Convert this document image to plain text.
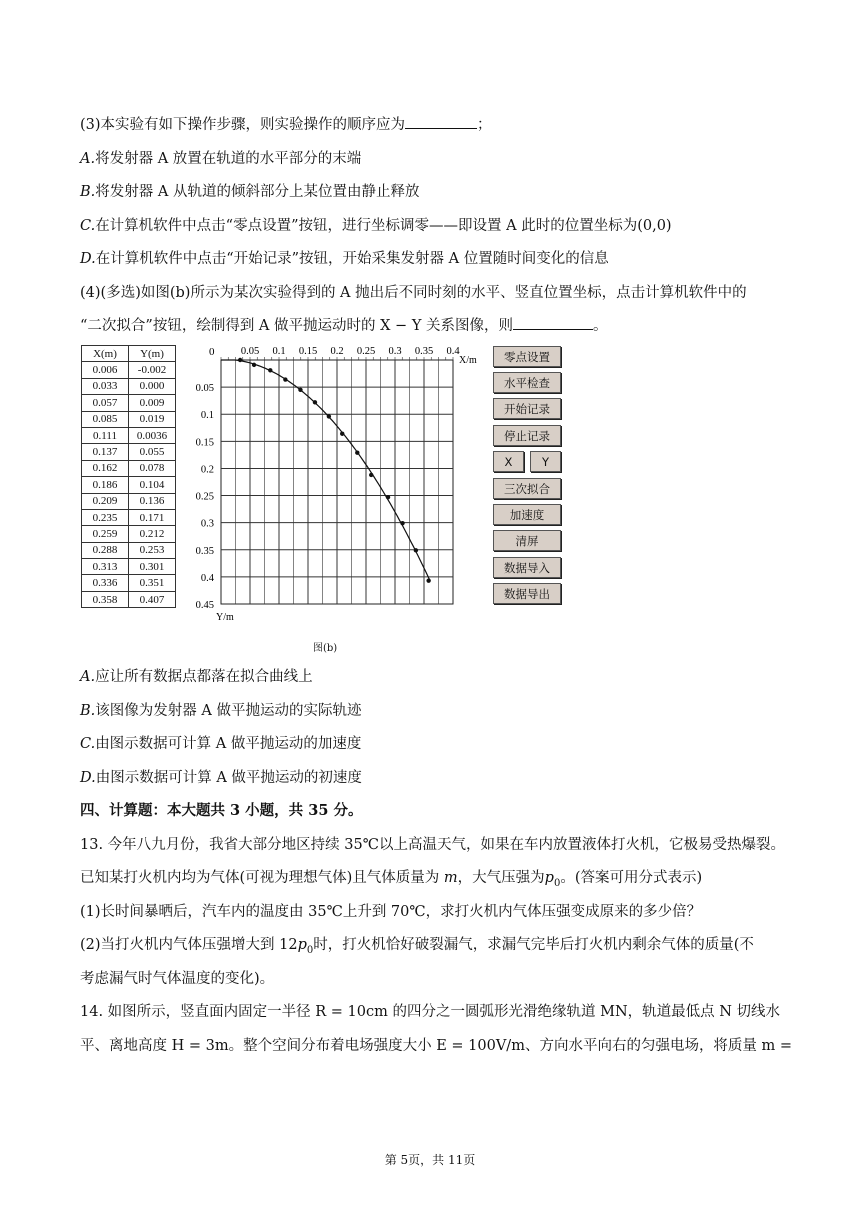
(3)本实验有如下操作步骤，则实验操作的顺序应为	；
A.将发射器 A 放置在轨道的水平部分的末端
B.将发射器 A 从轨道的倾斜部分上某位置由静止释放
C.在计算机软件中点击“零点设置”按钮，进行坐标调零——即设置 A 此时的位置坐标为(0,0)
D.在计算机软件中点击“开始记录”按钮，开始采集发射器 A 位置随时间变化的信息
(4)(多选)如图(b)所示为某次实验得到的 A 抛出后不同时刻的水平、竖直位置坐标，点击计算机软件中的
“二次拟合”按钮，绘制得到 A 做平抛运动时的 X − Y 关系图像，则	。
X(m)	Y(m)
0.006	-0.002
0.033	0.000
0.057	0.009
0.085	0.019
0.111	0.0036
0.137	0.055
0.162	0.078
0.186	0.104
0.209	0.136
0.235	0.171
0.259	0.212
0.288	0.253
0.313	0.301
0.336	0.351
0.358	0.407
0.05 0.1 0.15 0.2 0.25 0.3 0.35 0.4
0.05
0.1
0.15
0.2
0.25
0.3
0.35
0.4
0.45
X/m
Y/m
0	零点设置
水平检查
开始记录
停止记录
X	Y
三次拟合
加速度
清屏
数据导入
数据导出
图(b)
A.应让所有数据点都落在拟合曲线上
B.该图像为发射器 A 做平抛运动的实际轨迹
C.由图示数据可计算 A 做平抛运动的加速度
D.由图示数据可计算 A 做平抛运动的初速度
四、计算题：本大题共 3 小题，共 35 分。
13. 今年八九月份，我省大部分地区持续 35℃以上高温天气，如果在车内放置液体打火机，它极易受热爆裂。
已知某打火机内均为气体(可视为理想气体)且气体质量为 m，大气压强为$p_0$。(答案可用分式表示)
(1)长时间暴晒后，汽车内的温度由 35℃上升到 70℃，求打火机内气体压强变成原来的多少倍？
(2)当打火机内气体压强增大到 $12p_0$时，打火机恰好破裂漏气，求漏气完毕后打火机内剩余气体的质量(不
考虑漏气时气体温度的变化)。
14. 如图所示，竖直面内固定一半径 R = 10cm 的四分之一圆弧形光滑绝缘轨道 MN，轨道最低点 N 切线水
平、离地高度 H = 3m。整个空间分布着电场强度大小 E = 100V/m、方向水平向右的匀强电场，将质量 m =
第 5页，共 11页
